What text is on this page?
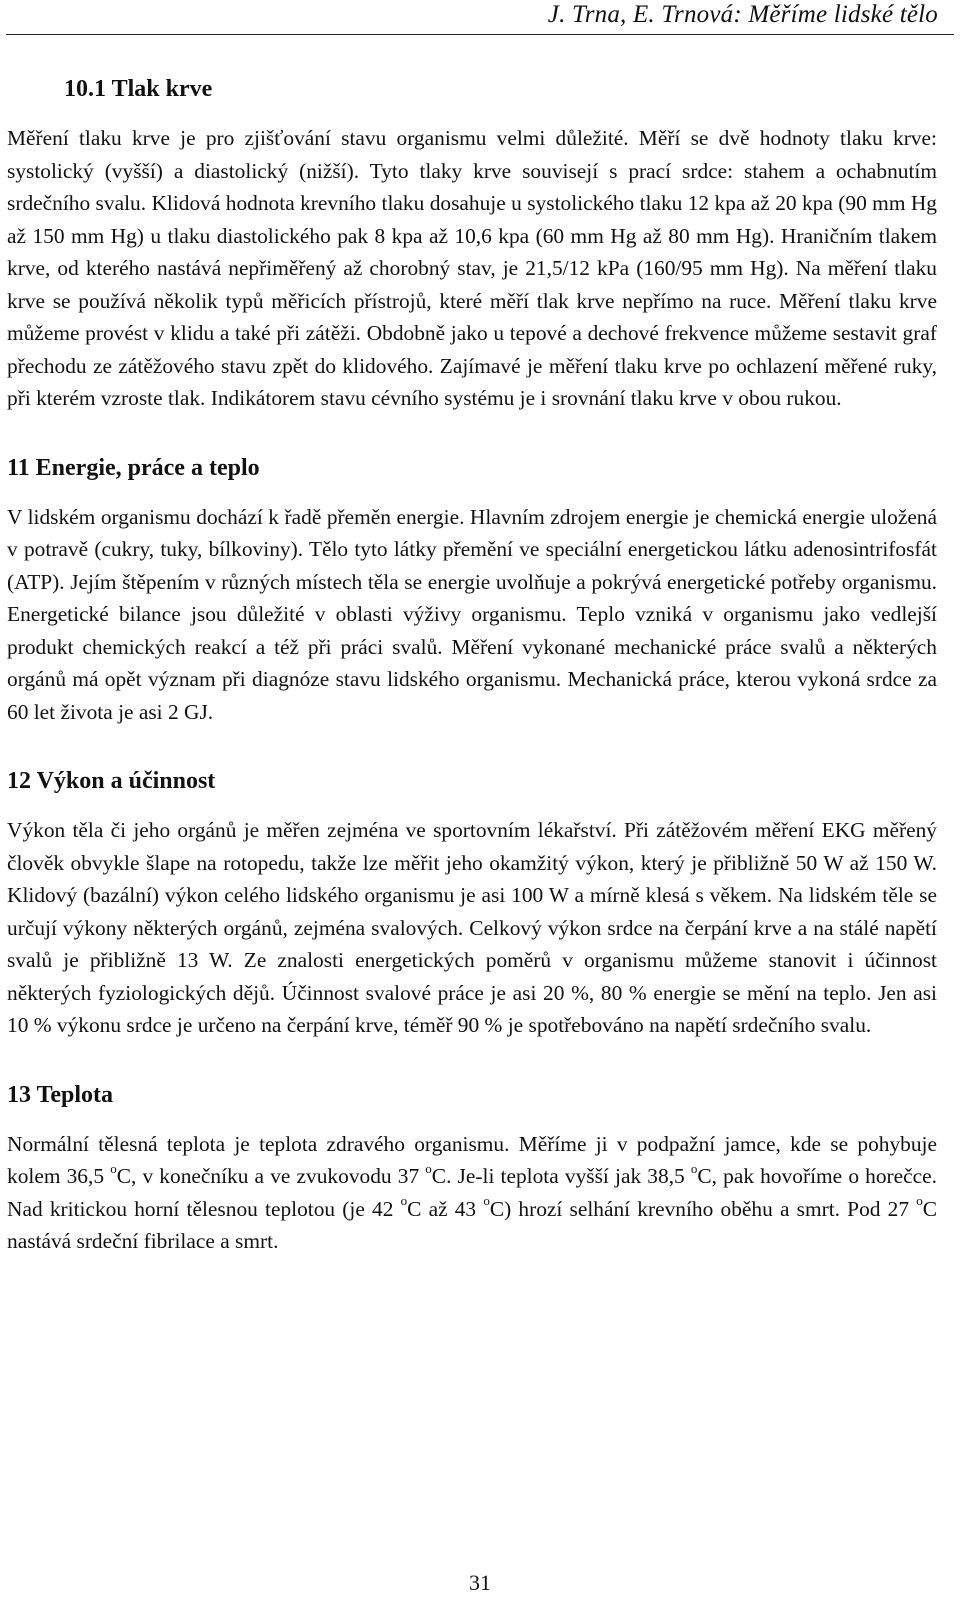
J. Trna, E. Trnová: Měříme lidské tělo
10.1 Tlak krve

Měření tlaku krve je pro zjišťování stavu organismu velmi důležité. Měří se dvě hodnoty tlaku krve: systolický (vyšší) a diastolický (nižší). Tyto tlaky krve souvisejí s prací srdce: stahem a ochabnutím srdečního svalu. Klidová hodnota krevního tlaku dosahuje u systolického tlaku 12 kpa až 20 kpa (90 mm Hg až 150 mm Hg) u tlaku diastolického pak 8 kpa až 10,6 kpa (60 mm Hg až 80 mm Hg). Hraničním tlakem krve, od kterého nastává nepřiměřený až chorobný stav, je 21,5/12 kPa (160/95 mm Hg). Na měření tlaku krve se používá několik typů měřicích přístrojů, které měří tlak krve nepřímo na ruce. Měření tlaku krve můžeme provést v klidu a také při zátěži. Obdobně jako u tepové a dechové frekvence můžeme sestavit graf přechodu ze zátěžového stavu zpět do klidového. Zajímavé je měření tlaku krve po ochlazení měřené ruky, při kterém vzroste tlak. Indikátorem stavu cévního systému je i srovnání tlaku krve v obou rukou.

11 Energie, práce a teplo

V lidském organismu dochází k řadě přeměn energie. Hlavním zdrojem energie je chemická energie uložená v potravě (cukry, tuky, bílkoviny). Tělo tyto látky přemění ve speciální energetickou látku adenosintrifosfát (ATP). Jejím štěpením v různých místech těla se energie uvolňuje a pokrývá energetické potřeby organismu. Energetické bilance jsou důležité v oblasti výživy organismu. Teplo vzniká v organismu jako vedlejší produkt chemických reakcí a též při práci svalů. Měření vykonané mechanické práce svalů a některých orgánů má opět význam při diagnóze stavu lidského organismu. Mechanická práce, kterou vykoná srdce za 60 let života je asi 2 GJ.

12 Výkon a účinnost

Výkon těla či jeho orgánů je měřen zejména ve sportovním lékařství. Při zátěžovém měření EKG měřený člověk obvykle šlape na rotopedu, takže lze měřit jeho okamžitý výkon, který je přibližně 50 W až 150 W. Klidový (bazální) výkon celého lidského organismu je asi 100 W a mírně klesá s věkem. Na lidském těle se určují výkony některých orgánů, zejména svalových. Celkový výkon srdce na čerpání krve a na stálé napětí svalů je přibližně 13 W. Ze znalosti energetických poměrů v organismu můžeme stanovit i účinnost některých fyziologických dějů. Účinnost svalové práce je asi 20 %, 80 % energie se mění na teplo. Jen asi 10 % výkonu srdce je určeno na čerpání krve, téměř 90 % je spotřebováno na napětí srdečního svalu.

13 Teplota

Normální tělesná teplota je teplota zdravého organismu. Měříme ji v podpažní jamce, kde se pohybuje kolem 36,5 $^o$C, v konečníku a ve zvukovodu 37 $^o$C. Je-li teplota vyšší jak 38,5 $^o$C, pak hovoříme o horečce. Nad kritickou horní tělesnou teplotou (je 42 $^o$C až 43 $^o$C) hrozí selhání krevního oběhu a smrt. Pod 27 $^o$C nastává srdeční fibrilace a smrt.

31
